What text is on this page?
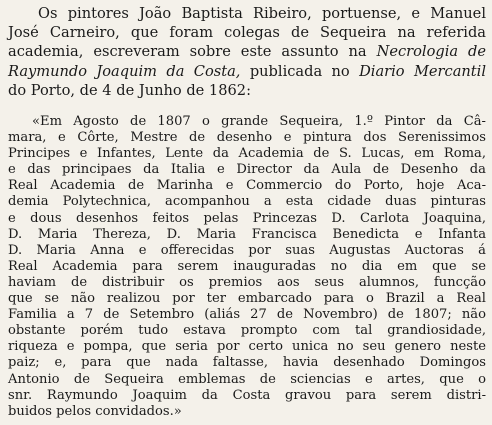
Os pintores João Baptista Ribeiro, portuense, e Manuel
José Carneiro, que foram colegas de Sequeira na referida
academia, escreveram sobre este assunto na Necrologia de
Raymundo Joaquim da Costa, publicada no Diario Mercantil
do Porto, de 4 de Junho de 1862:
«Em Agosto de 1807 o grande Sequeira, 1.º Pintor da Câ-
mara, e Côrte, Mestre de desenho e pintura dos Serenissimos
Principes e Infantes, Lente da Academia de S. Lucas, em Roma,
e das principaes da Italia e Director da Aula de Desenho da
Real Academia de Marinha e Commercio do Porto, hoje Aca-
demia Polytechnica, acompanhou a esta cidade duas pinturas
e dous desenhos feitos pelas Princezas D. Carlota Joaquina,
D. Maria Thereza, D. Maria Francisca Benedicta e Infanta
D. Maria Anna e offerecidas por suas Augustas Auctoras á
Real Academia para serem inauguradas no dia em que se
haviam de distribuir os premios aos seus alumnos, funcção
que se não realizou por ter embarcado para o Brazil a Real
Familia a 7 de Setembro (aliás 27 de Novembro) de 1807; não
obstante porém tudo estava prompto com tal grandiosidade,
riqueza e pompa, que seria por certo unica no seu genero neste
paiz; e, para que nada faltasse, havia desenhado Domingos
Antonio de Sequeira emblemas de sciencias e artes, que o
snr. Raymundo Joaquim da Costa gravou para serem distri-
buidos pelos convidados.»
